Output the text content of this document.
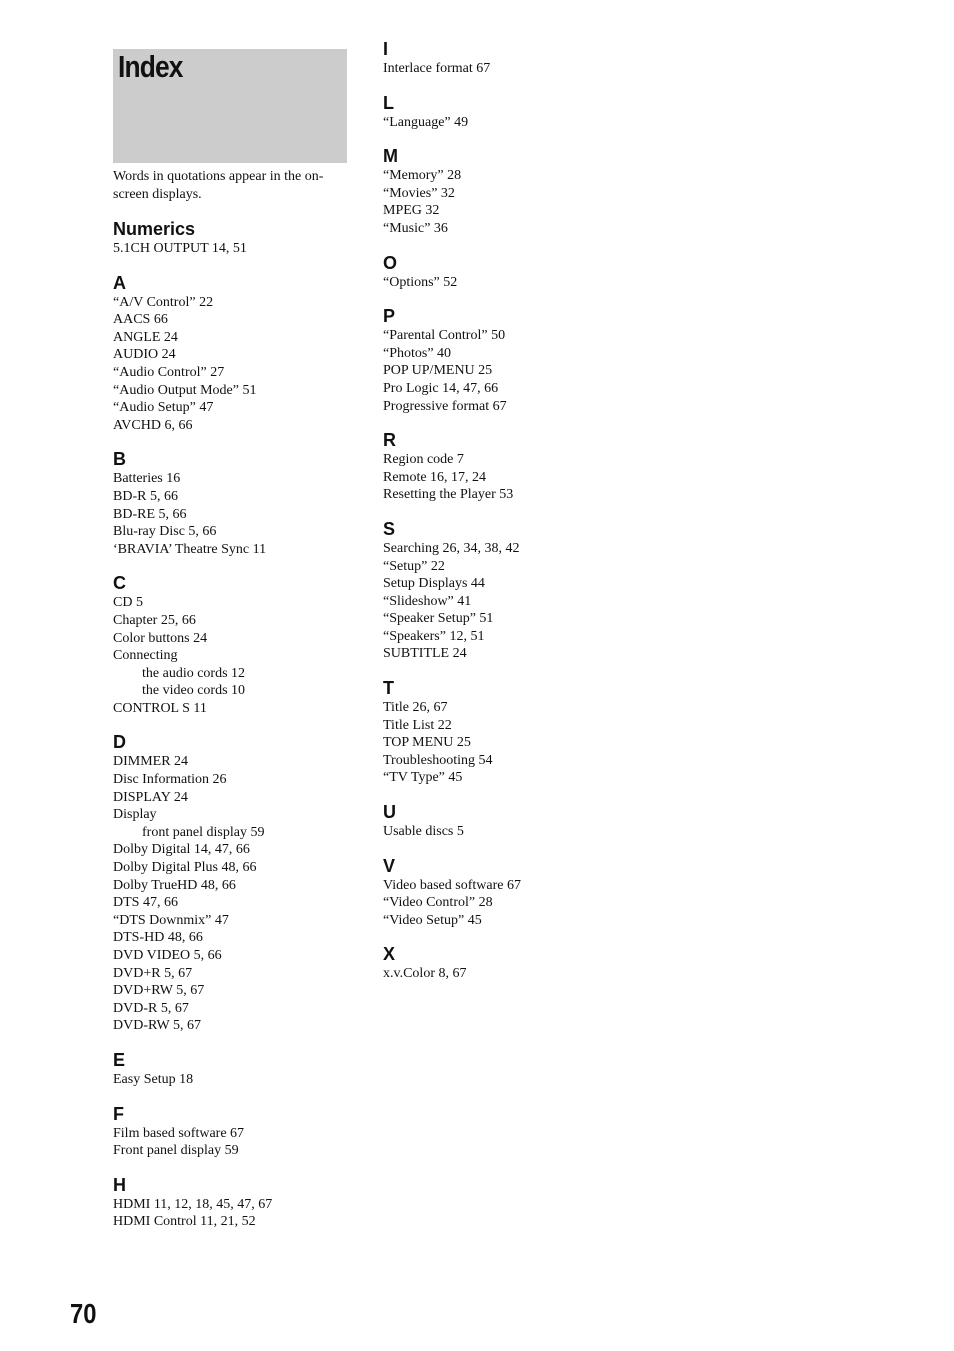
Index
Words in quotations appear in the on-screen displays.
Numerics
5.1CH OUTPUT 14, 51
A
“A/V Control” 22
AACS 66
ANGLE 24
AUDIO 24
“Audio Control” 27
“Audio Output Mode” 51
“Audio Setup” 47
AVCHD 6, 66
B
Batteries 16
BD-R 5, 66
BD-RE 5, 66
Blu-ray Disc 5, 66
‘BRAVIA’ Theatre Sync 11
C
CD 5
Chapter 25, 66
Color buttons 24
Connecting
the audio cords 12
the video cords 10
CONTROL S 11
D
DIMMER 24
Disc Information 26
DISPLAY 24
Display
front panel display 59
Dolby Digital 14, 47, 66
Dolby Digital Plus 48, 66
Dolby TrueHD 48, 66
DTS 47, 66
“DTS Downmix” 47
DTS-HD 48, 66
DVD VIDEO 5, 66
DVD+R 5, 67
DVD+RW 5, 67
DVD-R 5, 67
DVD-RW 5, 67
E
Easy Setup 18
F
Film based software 67
Front panel display 59
H
HDMI 11, 12, 18, 45, 47, 67
HDMI Control 11, 21, 52
I
Interlace format 67
L
“Language” 49
M
“Memory” 28
“Movies” 32
MPEG 32
“Music” 36
O
“Options” 52
P
“Parental Control” 50
“Photos” 40
POP UP/MENU 25
Pro Logic 14, 47, 66
Progressive format 67
R
Region code 7
Remote 16, 17, 24
Resetting the Player 53
S
Searching 26, 34, 38, 42
“Setup” 22
Setup Displays 44
“Slideshow” 41
“Speaker Setup” 51
“Speakers” 12, 51
SUBTITLE 24
T
Title 26, 67
Title List 22
TOP MENU 25
Troubleshooting 54
“TV Type” 45
U
Usable discs 5
V
Video based software 67
“Video Control” 28
“Video Setup” 45
X
x.v.Color 8, 67
70
